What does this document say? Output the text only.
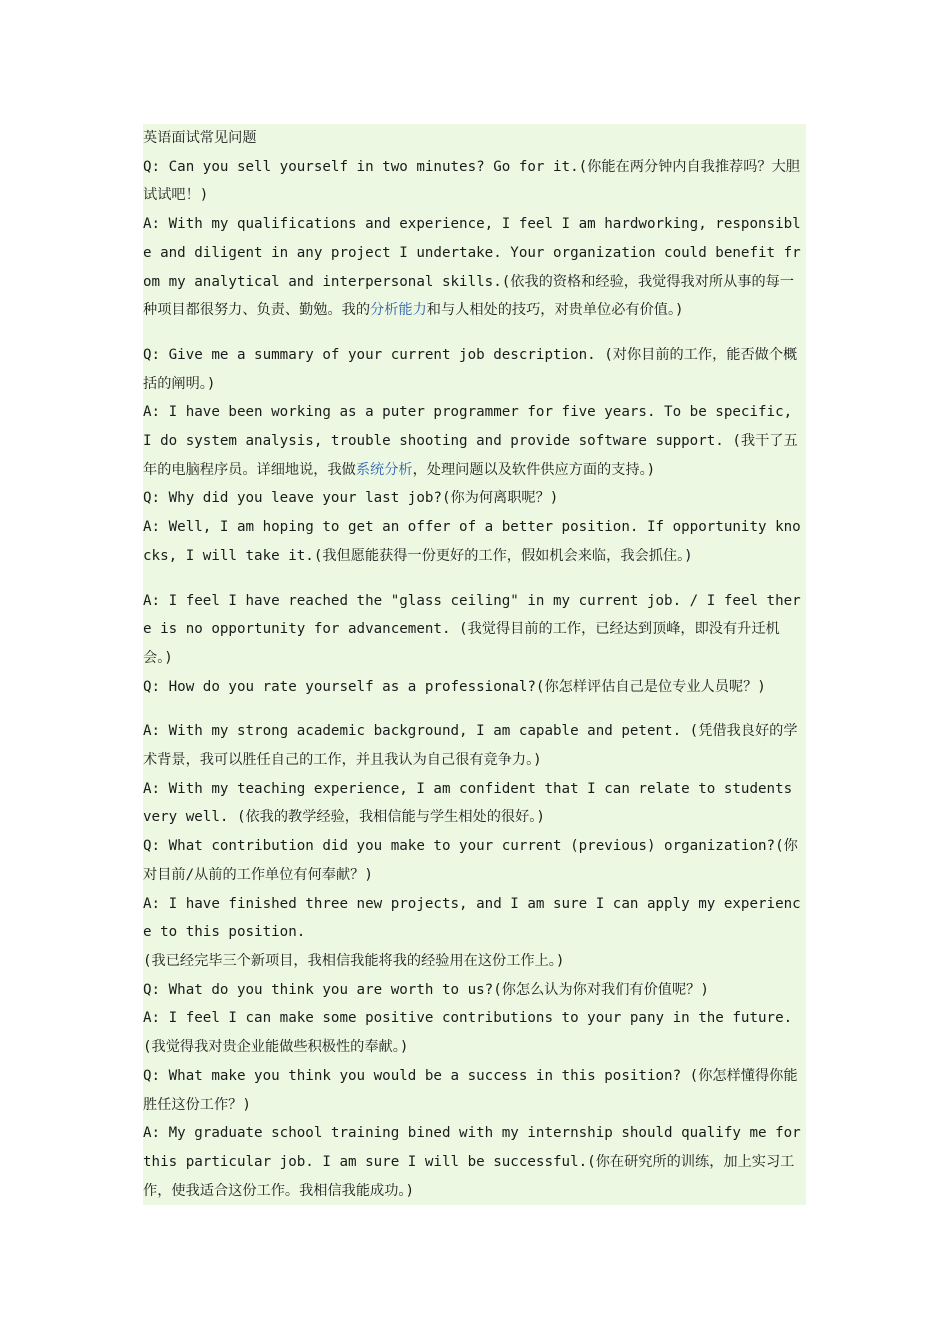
英语面试常见问题

Q: Can you sell yourself in two minutes? Go for it.(你能在两分钟内自我推荐吗？大胆试试吧！)

A: With my qualifications and experience, I feel I am hardworking, responsible and diligent in any project I undertake. Your organization could benefit from my analytical and interpersonal skills.(依我的资格和经验，我觉得我对所从事的每一种项目都很努力、负责、勤勉。我的分析能力和与人相处的技巧，对贵单位必有价值。)

Q: Give me a summary of your current job description. (对你目前的工作，能否做个概括的阐明。)

A: I have been working as a puter programmer for five years. To be specific, I do system analysis, trouble shooting and provide software support. (我干了五年的电脑程序员。详细地说，我做系统分析，处理问题以及软件供应方面的支持。)

Q: Why did you leave your last job?(你为何离职呢？)

A: Well, I am hoping to get an offer of a better position. If opportunity knocks, I will take it.(我但愿能获得一份更好的工作，假如机会来临，我会抓住。)

A: I feel I have reached the "glass ceiling" in my current job. / I feel there is no opportunity for advancement. (我觉得目前的工作，已经达到顶峰，即没有升迁机会。)

Q: How do you rate yourself as a professional?(你怎样评估自己是位专业人员呢？)

A: With my strong academic background, I am capable and petent. (凭借我良好的学术背景，我可以胜任自己的工作，并且我认为自己很有竞争力。)

A: With my teaching experience, I am confident that I can relate to students very well. (依我的教学经验，我相信能与学生相处的很好。)

Q: What contribution did you make to your current (previous) organization?(你对目前/从前的工作单位有何奉献？)

A: I have finished three new projects, and I am sure I can apply my experience to this position.

(我已经完毕三个新项目，我相信我能将我的经验用在这份工作上。)

Q: What do you think you are worth to us?(你怎么认为你对我们有价值呢？)

A: I feel I can make some positive contributions to your pany in the future.

(我觉得我对贵企业能做些积极性的奉献。)

Q: What make you think you would be a success in this position? (你怎样懂得你能胜任这份工作？)

A: My graduate school training bined with my internship should qualify me for this particular job. I am sure I will be successful.(你在研究所的训练，加上实习工作，使我适合这份工作。我相信我能成功。)
